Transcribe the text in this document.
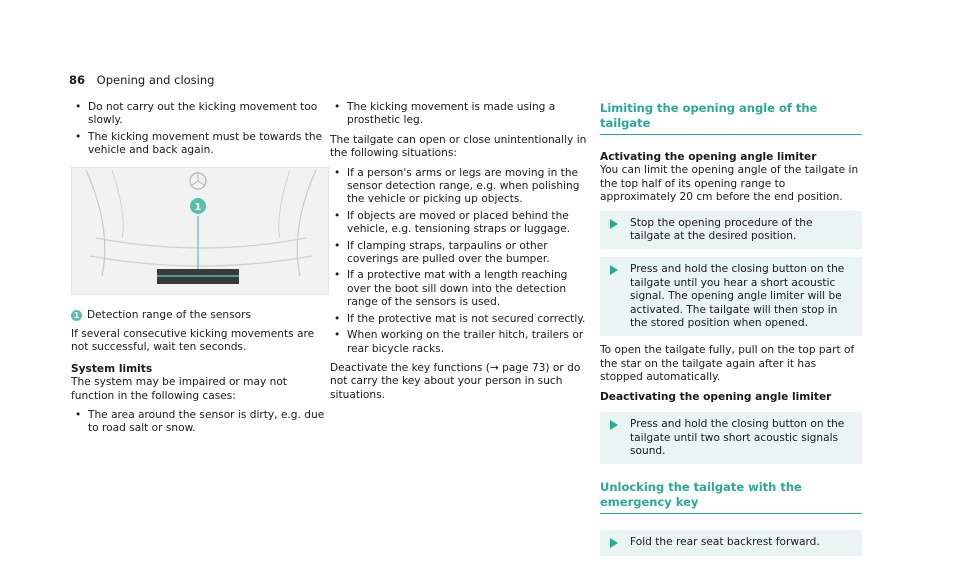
86 Opening and closing
• Do not carry out the kicking movement too slowly.
• The kicking movement must be towards the vehicle and back again.
1
1 Detection range of the sensors

If several consecutive kicking movements are not successful, wait ten seconds.

System limits

The system may be impaired or may not function in the following cases:

• The area around the sensor is dirty, e.g. due to road salt or snow.
• The kicking movement is made using a prosthetic leg.

The tailgate can open or close unintentionally in the following situations:

• If a person's arms or legs are moving in the sensor detection range, e.g. when polishing the vehicle or picking up objects.
• If objects are moved or placed behind the vehicle, e.g. tensioning straps or luggage.
• If clamping straps, tarpaulins or other coverings are pulled over the bumper.
• If a protective mat with a length reaching over the boot sill down into the detection range of the sensors is used.
• If the protective mat is not secured correctly.
• When working on the trailer hitch, trailers or rear bicycle racks.

Deactivate the key functions (→ page 73) or do not carry the key about your person in such situations.

Limiting the opening angle of the tailgate
Activating the opening angle limiter

You can limit the opening angle of the tailgate in the top half of its opening range to approximately 20 cm before the end position.

Stop the opening procedure of the tailgate at the desired position.
Press and hold the closing button on the tailgate until you hear a short acoustic signal. The opening angle limiter will be activated. The tailgate will then stop in the stored position when opened.

To open the tailgate fully, pull on the top part of the star on the tailgate again after it has stopped automatically.

Deactivating the opening angle limiter
Press and hold the closing button on the tailgate until two short acoustic signals sound.
Unlocking the tailgate with the emergency key
Fold the rear seat backrest forward.
